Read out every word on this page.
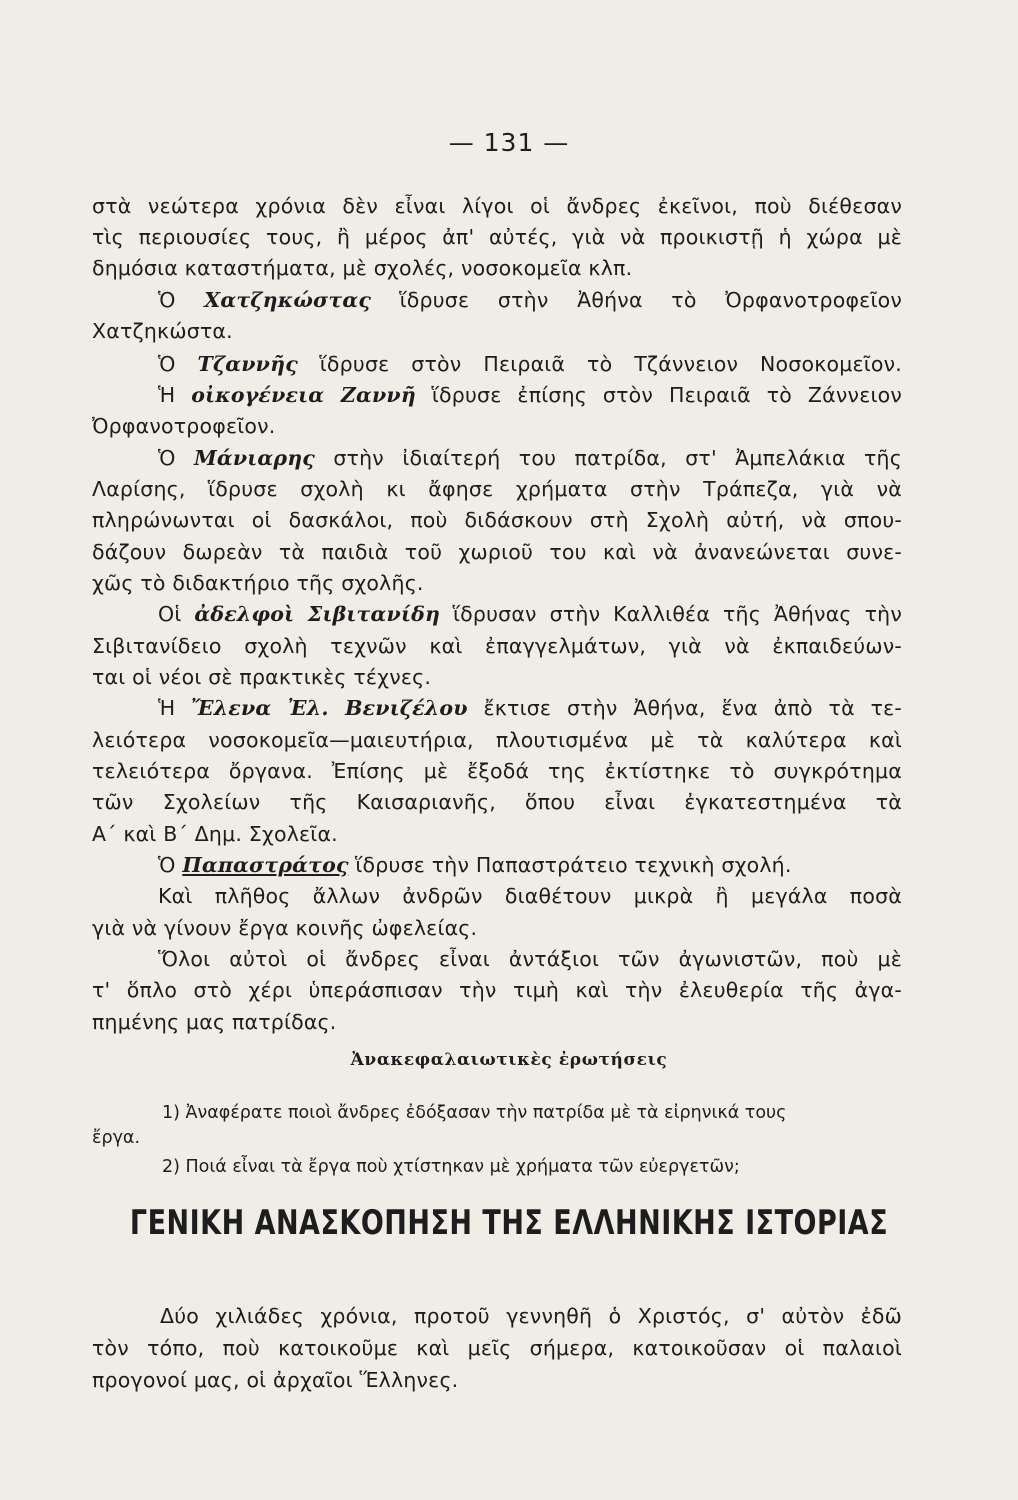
— 131 —
στὰ νεώτερα χρόνια δὲν εἶναι λίγοι οἱ ἄνδρες ἐκεῖνοι, ποὺ διέθεσαν
τὶς περιουσίες τους, ἢ μέρος ἀπ' αὐτές, γιὰ νὰ προικιστῇ ἡ χώρα μὲ
δημόσια καταστήματα, μὲ σχολές, νοσοκομεῖα κλπ.
Ὁ Χατζηκώστας ἵδρυσε στὴν Ἀθήνα τὸ Ὀρφανοτροφεῖον
Χατζηκώστα.
Ὁ Τζαννῆς ἵδρυσε στὸν Πειραιᾶ τὸ Τζάννειον Νοσοκομεῖον.
Ἡ οἰκογένεια Ζαννῆ ἵδρυσε ἐπίσης στὸν Πειραιᾶ τὸ Ζάννειον
Ὀρφανοτροφεῖον.
Ὁ Μάνιαρης στὴν ἰδιαίτερή του πατρίδα, στ' Ἀμπελάκια τῆς
Λαρίσης, ἵδρυσε σχολὴ κι ἄφησε χρήματα στὴν Τράπεζα, γιὰ νὰ
πληρώνωνται οἱ δασκάλοι, ποὺ διδάσκουν στὴ Σχολὴ αὐτή, νὰ σπου-
δάζουν δωρεὰν τὰ παιδιὰ τοῦ χωριοῦ του καὶ νὰ ἀνανεώνεται συνε-
χῶς τὸ διδακτήριο τῆς σχολῆς.
Οἱ ἀδελφοὶ Σιβιτανίδη ἵδρυσαν στὴν Καλλιθέα τῆς Ἀθήνας τὴν
Σιβιτανίδειο σχολὴ τεχνῶν καὶ ἐπαγγελμάτων, γιὰ νὰ ἐκπαιδεύων-
ται οἱ νέοι σὲ πρακτικὲς τέχνες.
Ἡ Ἔλενα Ἐλ. Βενιζέλου ἔκτισε στὴν Ἀθήνα, ἕνα ἀπὸ τὰ τε-
λειότερα νοσοκομεῖα—μαιευτήρια, πλουτισμένα μὲ τὰ καλύτερα καὶ
τελειότερα ὄργανα. Ἐπίσης μὲ ἔξοδά της ἐκτίστηκε τὸ συγκρότημα
τῶν Σχολείων τῆς Καισαριανῆς, ὅπου εἶναι ἐγκατεστημένα τὰ
Α΄ καὶ Β΄ Δημ. Σχολεῖα.
Ὁ Παπαστράτος ἵδρυσε τὴν Παπαστράτειο τεχνικὴ σχολή.
Καὶ πλῆθος ἄλλων ἀνδρῶν διαθέτουν μικρὰ ἢ μεγάλα ποσὰ
γιὰ νὰ γίνουν ἔργα κοινῆς ὠφελείας.
Ὅλοι αὐτοὶ οἱ ἄνδρες εἶναι ἀντάξιοι τῶν ἀγωνιστῶν, ποὺ μὲ
τ' ὅπλο στὸ χέρι ὑπεράσπισαν τὴν τιμὴ καὶ τὴν ἐλευθερία τῆς ἀγα-
πημένης μας πατρίδας.
Ἀνακεφαλαιωτικὲς ἐρωτήσεις
1) Ἀναφέρατε ποιοὶ ἄνδρες ἐδόξασαν τὴν πατρίδα μὲ τὰ εἰρηνικά τους
ἔργα.
2) Ποιά εἶναι τὰ ἔργα ποὺ χτίστηκαν μὲ χρήματα τῶν εὐεργετῶν;
ΓΕΝΙΚΗ ΑΝΑΣΚΟΠΗΣΗ ΤΗΣ ΕΛΛΗΝΙΚΗΣ ΙΣΤΟΡΙΑΣ
Δύο χιλιάδες χρόνια, προτοῦ γεννηθῆ ὁ Χριστός, σ' αὐτὸν ἐδῶ
τὸν τόπο, ποὺ κατοικοῦμε καὶ μεῖς σήμερα, κατοικοῦσαν οἱ παλαιοὶ
προγονοί μας, οἱ ἀρχαῖοι Ἕλληνες.
